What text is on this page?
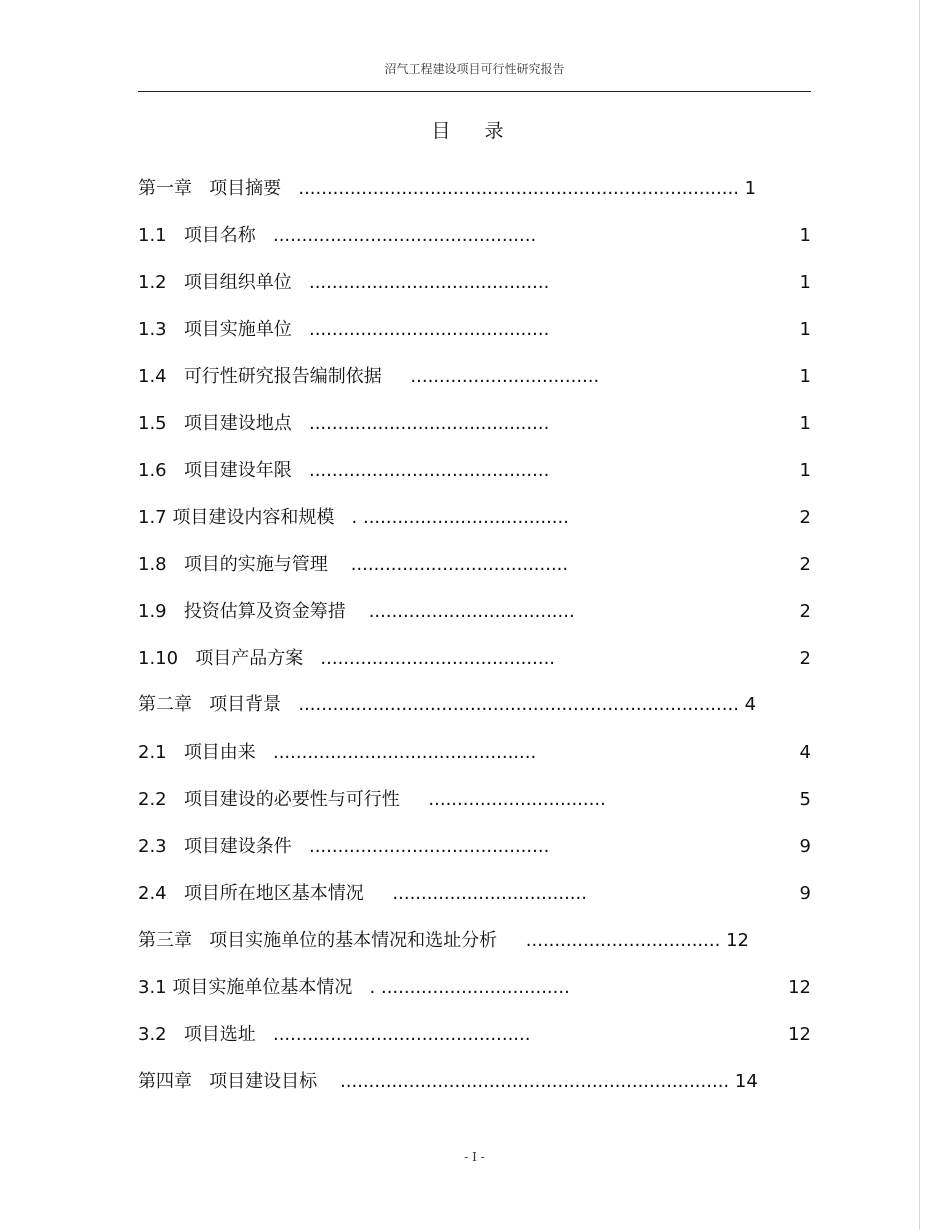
沼气工程建设项目可行性研究报告
目 录
第一章 项目摘要 ............................................................................. 1
1.1 项目名称 ..............................................	1
1.2 项目组织单位 ..........................................	1
1.3 项目实施单位 ..........................................	1
1.4 可行性研究报告编制依据 .................................	1
1.5 项目建设地点 ..........................................	1
1.6 项目建设年限 ..........................................	1
1.7 项目建设内容和规模 . ....................................	2
1.8 项目的实施与管理 ......................................	2
1.9 投资估算及资金筹措 ....................................	2
1.10 项目产品方案 .........................................	2
第二章 项目背景 ............................................................................. 4
2.1 项目由来 ..............................................	4
2.2 项目建设的必要性与可行性 ...............................	5
2.3 项目建设条件 ..........................................	9
2.4 项目所在地区基本情况 ..................................	9
第三章 项目实施单位的基本情况和选址分析 .................................. 12
3.1 项目实施单位基本情况 . .................................	12
3.2 项目选址 .............................................	12
第四章 项目建设目标 .................................................................... 14
- I -
